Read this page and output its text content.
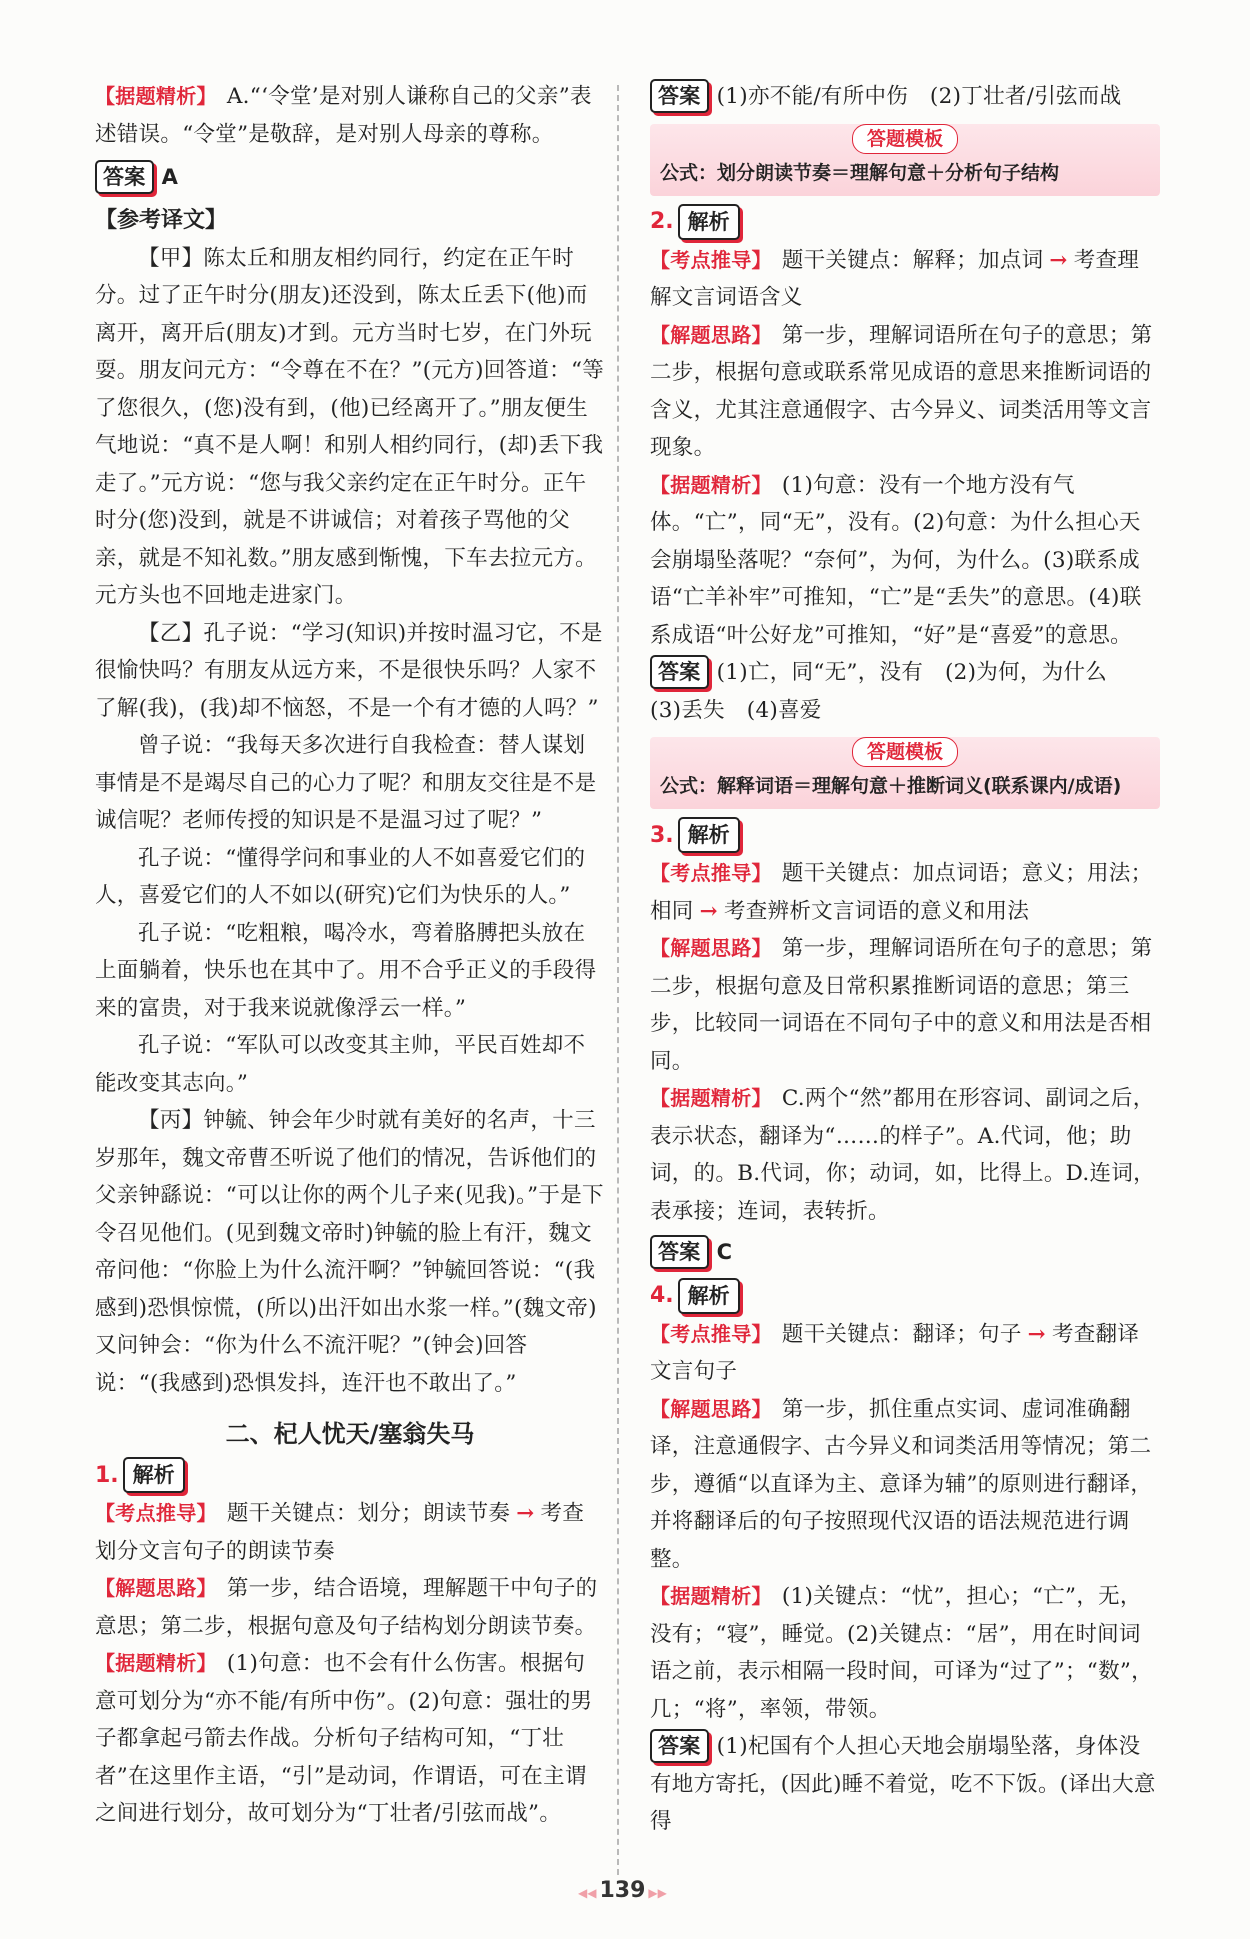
【据题精析】 A.“‘令堂’是对别人谦称自己的父亲”表述错误。“令堂”是敬辞，是对别人母亲的尊称。

答案 A
【参考译文】

【甲】陈太丘和朋友相约同行，约定在正午时分。过了正午时分(朋友)还没到，陈太丘丢下(他)而离开，离开后(朋友)才到。元方当时七岁，在门外玩耍。朋友问元方：“令尊在不在？”(元方)回答道：“等了您很久，(您)没有到，(他)已经离开了。”朋友便生气地说：“真不是人啊！和别人相约同行，(却)丢下我走了。”元方说：“您与我父亲约定在正午时分。正午时分(您)没到，就是不讲诚信；对着孩子骂他的父亲，就是不知礼数。”朋友感到惭愧，下车去拉元方。元方头也不回地走进家门。

【乙】孔子说：“学习(知识)并按时温习它，不是很愉快吗？有朋友从远方来，不是很快乐吗？人家不了解(我)，(我)却不恼怒，不是一个有才德的人吗？”

曾子说：“我每天多次进行自我检查：替人谋划事情是不是竭尽自己的心力了呢？和朋友交往是不是诚信呢？老师传授的知识是不是温习过了呢？”

孔子说：“懂得学问和事业的人不如喜爱它们的人，喜爱它们的人不如以(研究)它们为快乐的人。”

孔子说：“吃粗粮，喝冷水，弯着胳膊把头放在上面躺着，快乐也在其中了。用不合乎正义的手段得来的富贵，对于我来说就像浮云一样。”

孔子说：“军队可以改变其主帅，平民百姓却不能改变其志向。”

【丙】钟毓、钟会年少时就有美好的名声，十三岁那年，魏文帝曹丕听说了他们的情况，告诉他们的父亲钟繇说：“可以让你的两个儿子来(见我)。”于是下令召见他们。(见到魏文帝时)钟毓的脸上有汗，魏文帝问他：“你脸上为什么流汗啊？”钟毓回答说：“(我感到)恐惧惊慌，(所以)出汗如出水浆一样。”(魏文帝)又问钟会：“你为什么不流汗呢？”(钟会)回答说：“(我感到)恐惧发抖，连汗也不敢出了。”

二、杞人忧天/塞翁失马
1. 解析

【考点推导】 题干关键点：划分；朗读节奏 → 考查划分文言句子的朗读节奏

【解题思路】 第一步，结合语境，理解题干中句子的意思；第二步，根据句意及句子结构划分朗读节奏。

【据题精析】 (1)句意：也不会有什么伤害。根据句意可划分为“亦不能/有所中伤”。(2)句意：强壮的男子都拿起弓箭去作战。分析句子结构可知，“丁壮者”在这里作主语，“引”是动词，作谓语，可在主谓之间进行划分，故可划分为“丁壮者/引弦而战”。

答案 (1)亦不能/有所中伤　(2)丁壮者/引弦而战
答题模板
公式：划分朗读节奏＝理解句意＋分析句子结构
2. 解析

【考点推导】 题干关键点：解释；加点词 → 考查理解文言词语含义

【解题思路】 第一步，理解词语所在句子的意思；第二步，根据句意或联系常见成语的意思来推断词语的含义，尤其注意通假字、古今异义、词类活用等文言现象。

【据题精析】 (1)句意：没有一个地方没有气体。“亡”，同“无”，没有。(2)句意：为什么担心天会崩塌坠落呢？“奈何”，为何，为什么。(3)联系成语“亡羊补牢”可推知，“亡”是“丢失”的意思。(4)联系成语“叶公好龙”可推知，“好”是“喜爱”的意思。

答案 (1)亡，同“无”，没有　(2)为何，为什么　(3)丢失　(4)喜爱
答题模板
公式：解释词语＝理解句意＋推断词义(联系课内/成语)
3. 解析

【考点推导】 题干关键点：加点词语；意义；用法；相同 → 考查辨析文言词语的意义和用法

【解题思路】 第一步，理解词语所在句子的意思；第二步，根据句意及日常积累推断词语的意思；第三步，比较同一词语在不同句子中的意义和用法是否相同。

【据题精析】 C.两个“然”都用在形容词、副词之后，表示状态，翻译为“……的样子”。A.代词，他；助词，的。B.代词，你；动词，如，比得上。D.连词，表承接；连词，表转折。

答案 C
4. 解析

【考点推导】 题干关键点：翻译；句子 → 考查翻译文言句子

【解题思路】 第一步，抓住重点实词、虚词准确翻译，注意通假字、古今异义和词类活用等情况；第二步，遵循“以直译为主、意译为辅”的原则进行翻译，并将翻译后的句子按照现代汉语的语法规范进行调整。

【据题精析】 (1)关键点：“忧”，担心；“亡”，无，没有；“寝”，睡觉。(2)关键点：“居”，用在时间词语之前，表示相隔一段时间，可译为“过了”；“数”，几；“将”，率领，带领。

答案 (1)杞国有个人担心天地会崩塌坠落，身体没有地方寄托，(因此)睡不着觉，吃不下饭。(译出大意得
◀◀ 139 ▶▶
